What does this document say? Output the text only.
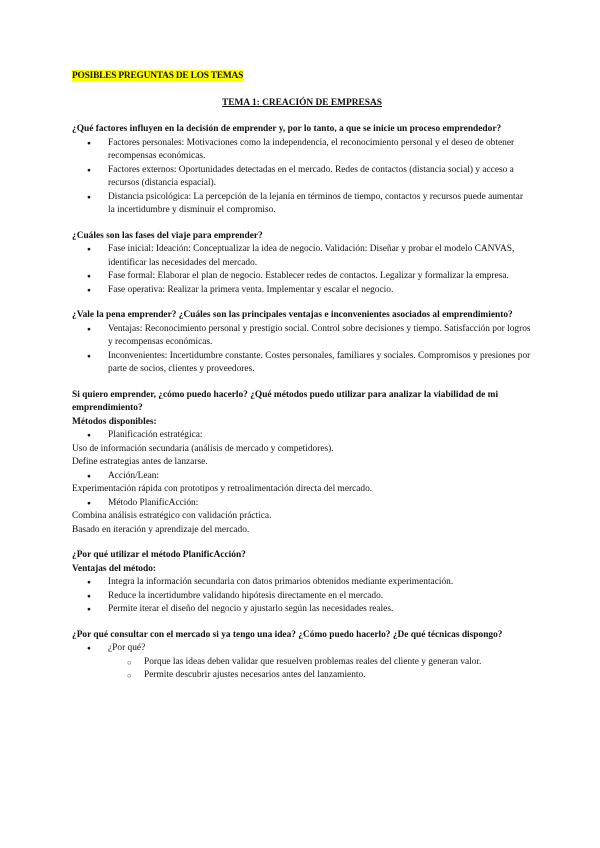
POSIBLES PREGUNTAS DE LOS TEMAS
TEMA 1: CREACIÓN DE EMPRESAS

¿Qué factores influyen en la decisión de emprender y, por lo tanto, a que se inicie un proceso emprendedor?

● Factores personales: Motivaciones como la independencia, el reconocimiento personal y el deseo de obtener recompensas económicas.
● Factores externos: Oportunidades detectadas en el mercado. Redes de contactos (distancia social) y acceso a recursos (distancia espacial).
● Distancia psicológica: La percepción de la lejanía en términos de tiempo, contactos y recursos puede aumentar la incertidumbre y disminuir el compromiso.

¿Cuáles son las fases del viaje para emprender?

● Fase inicial: Ideación: Conceptualizar la idea de negocio. Validación: Diseñar y probar el modelo CANVAS, identificar las necesidades del mercado.
● Fase formal: Elaborar el plan de negocio. Establecer redes de contactos. Legalizar y formalizar la empresa.
● Fase operativa: Realizar la primera venta. Implementar y escalar el negocio.

¿Vale la pena emprender? ¿Cuáles son las principales ventajas e inconvenientes asociados al emprendimiento?

● Ventajas: Reconocimiento personal y prestigio social. Control sobre decisiones y tiempo. Satisfacción por logros y recompensas económicas.
● Inconvenientes: Incertidumbre constante. Costes personales, familiares y sociales. Compromisos y presiones por parte de socios, clientes y proveedores.

Si quiero emprender, ¿cómo puedo hacerlo? ¿Qué métodos puedo utilizar para analizar la viabilidad de mi emprendimiento?

Métodos disponibles:
● Planificación estratégica:
Uso de información secundaria (análisis de mercado y competidores).
Define estrategias antes de lanzarse.
● Acción/Lean:
Experimentación rápida con prototipos y retroalimentación directa del mercado.
● Método PlanificAcción:
Combina análisis estratégico con validación práctica.
Basado en iteración y aprendizaje del mercado.

¿Por qué utilizar el método PlanificAcción?

Ventajas del método:
● Integra la información secundaria con datos primarios obtenidos mediante experimentación.
● Reduce la incertidumbre validando hipótesis directamente en el mercado.
● Permite iterar el diseño del negocio y ajustarlo según las necesidades reales.

¿Por qué consultar con el mercado si ya tengo una idea? ¿Cómo puedo hacerlo? ¿De qué técnicas dispongo?

● ¿Por qué?
○ Porque las ideas deben validar que resuelven problemas reales del cliente y generan valor.
○ Permite descubrir ajustes necesarios antes del lanzamiento.
